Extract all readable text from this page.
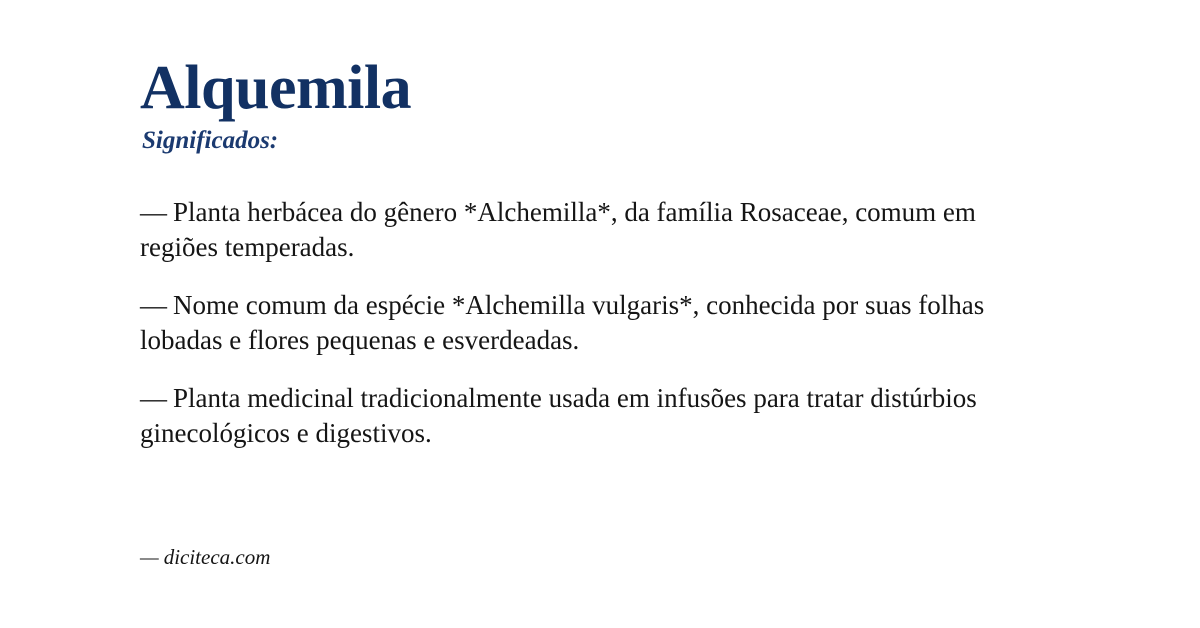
Alquemila
Significados:

— Planta herbácea do gênero *Alchemilla*, da família Rosaceae, comum em regiões temperadas.

— Nome comum da espécie *Alchemilla vulgaris*, conhecida por suas folhas lobadas e flores pequenas e esverdeadas.

— Planta medicinal tradicionalmente usada em infusões para tratar distúrbios ginecológicos e digestivos.

— diciteca.com
